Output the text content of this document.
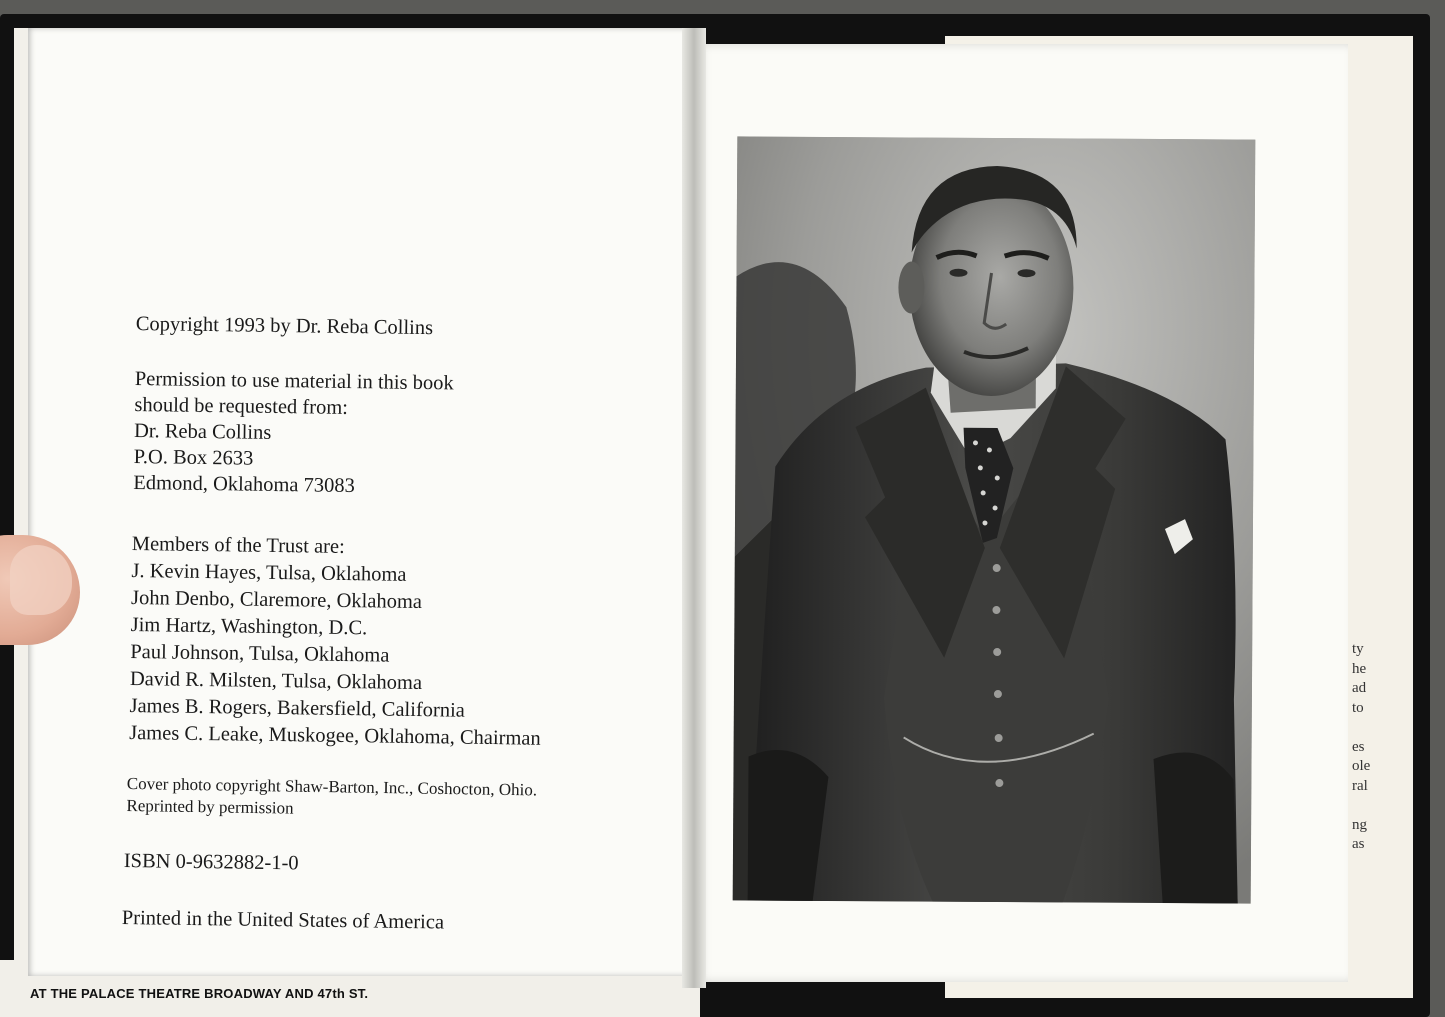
ty
he
ad
to

es
ole
ral

ng
as
AT THE PALACE THEATRE BROADWAY AND 47th ST.
Copyright 1993 by Dr. Reba Collins
Permission to use material in this book
should be requested from:
Dr. Reba Collins
P.O. Box 2633
Edmond, Oklahoma 73083
Members of the Trust are:
J. Kevin Hayes, Tulsa, Oklahoma
John Denbo, Claremore, Oklahoma
Jim Hartz, Washington, D.C.
Paul Johnson, Tulsa, Oklahoma
David R. Milsten, Tulsa, Oklahoma
James B. Rogers, Bakersfield, California
James C. Leake, Muskogee, Oklahoma, Chairman
Cover photo copyright Shaw-Barton, Inc., Coshocton, Ohio.
Reprinted by permission
ISBN 0-9632882-1-0
Printed in the United States of America
